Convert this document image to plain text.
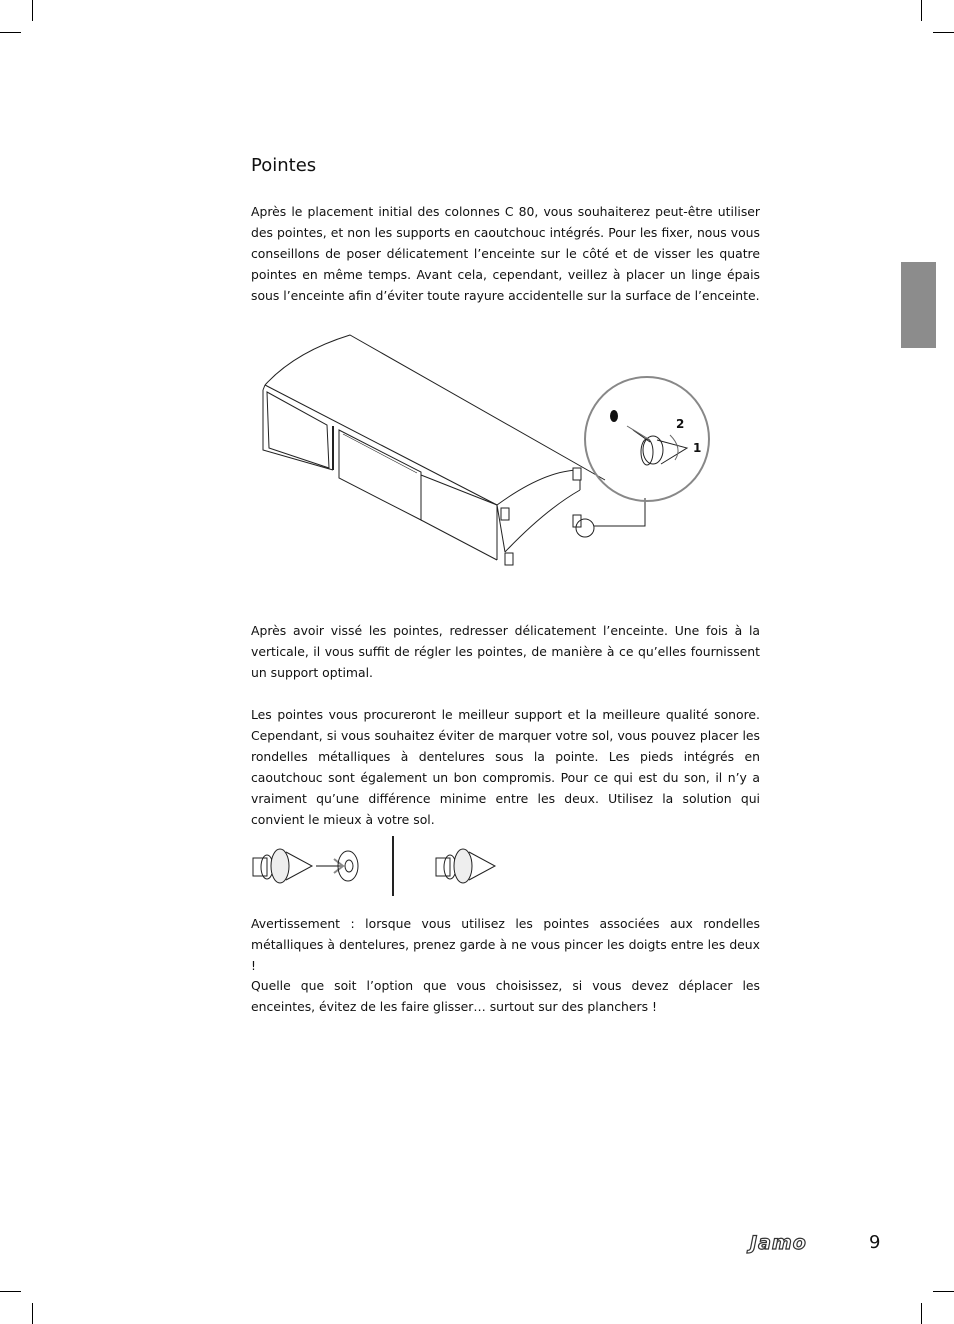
Pointes

Après le placement initial des colonnes C 80, vous souhaiterez peut-être utiliser des pointes, et non les supports en caoutchouc intégrés. Pour les fixer, nous vous conseillons de poser délicatement l’enceinte sur le côté et de visser les quatre pointes en même temps. Avant cela, cependant, veillez à placer un linge épais sous l’enceinte afin d’éviter toute rayure accidentelle sur la surface de l’enceinte.

2
1

Après avoir vissé les pointes, redresser délicatement l’enceinte. Une fois à la verticale, il vous suffit de régler les pointes, de manière à ce qu’elles fournissent un support optimal.

Les pointes vous procureront le meilleur support et la meilleure qualité sonore. Cependant, si vous souhaitez éviter de marquer votre sol, vous pouvez placer les rondelles métalliques à dentelures sous la pointe. Les pieds intégrés en caoutchouc sont également un bon compromis. Pour ce qui est du son, il n’y a vraiment qu’une différence minime entre les deux. Utilisez la solution qui convient le mieux à votre sol.

Avertissement : lorsque vous utilisez les pointes associées aux rondelles métalliques à dentelures, prenez garde à ne vous pincer les doigts entre les deux !

Quelle que soit l’option que vous choisissez, si vous devez déplacer les enceintes, évitez de les faire glisser… surtout sur des planchers !

Jamo	9
